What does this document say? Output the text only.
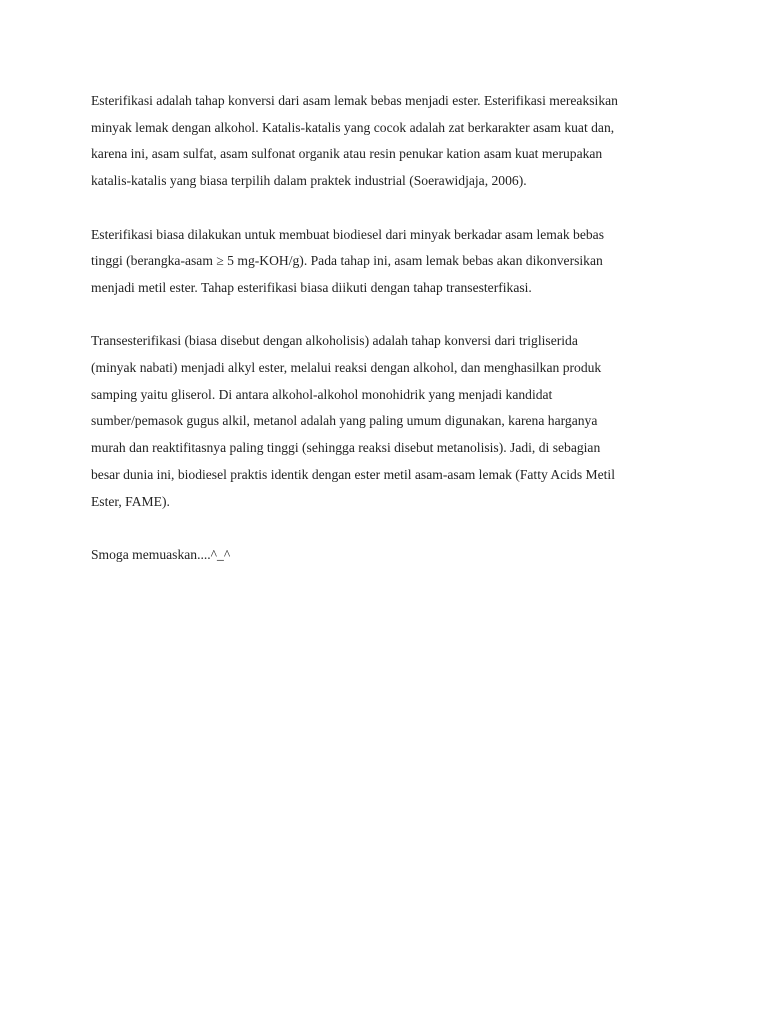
Esterifikasi adalah tahap konversi dari asam lemak bebas menjadi ester. Esterifikasi mereaksikan
minyak lemak dengan alkohol. Katalis-katalis yang cocok adalah zat berkarakter asam kuat dan,
karena ini, asam sulfat, asam sulfonat organik atau resin penukar kation asam kuat merupakan
katalis-katalis yang biasa terpilih dalam praktek industrial (Soerawidjaja, 2006).

Esterifikasi biasa dilakukan untuk membuat biodiesel dari minyak berkadar asam lemak bebas
tinggi (berangka-asam ≥ 5 mg-KOH/g). Pada tahap ini, asam lemak bebas akan dikonversikan
menjadi metil ester. Tahap esterifikasi biasa diikuti dengan tahap transesterfikasi.

Transesterifikasi (biasa disebut dengan alkoholisis) adalah tahap konversi dari trigliserida
(minyak nabati) menjadi alkyl ester, melalui reaksi dengan alkohol, dan menghasilkan produk
samping yaitu gliserol. Di antara alkohol-alkohol monohidrik yang menjadi kandidat
sumber/pemasok gugus alkil, metanol adalah yang paling umum digunakan, karena harganya
murah dan reaktifitasnya paling tinggi (sehingga reaksi disebut metanolisis). Jadi, di sebagian
besar dunia ini, biodiesel praktis identik dengan ester metil asam-asam lemak (Fatty Acids Metil
Ester, FAME).

Smoga memuaskan....^_^
